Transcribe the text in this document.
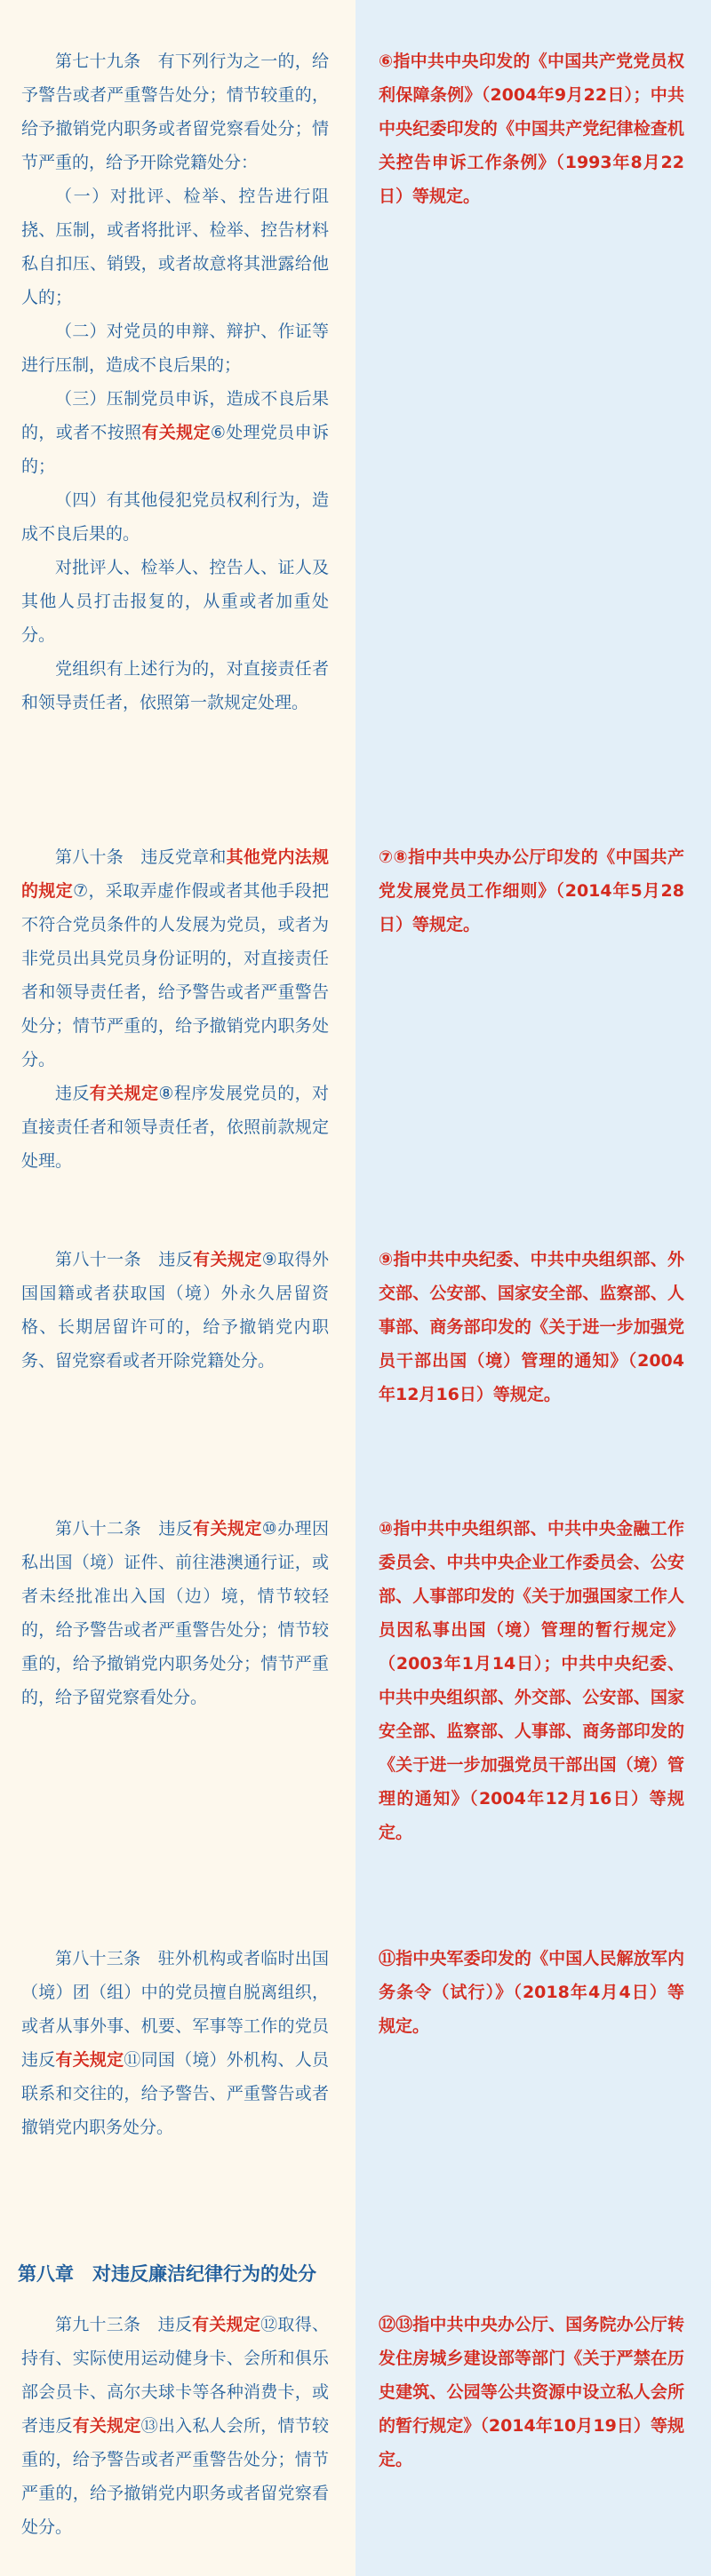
第七十九条　有下列行为之一的，给予警告或者严重警告处分；情节较重的，给予撤销党内职务或者留党察看处分；情节严重的，给予开除党籍处分：

（一）对批评、检举、控告进行阻挠、压制，或者将批评、检举、控告材料私自扣压、销毁，或者故意将其泄露给他人的；

（二）对党员的申辩、辩护、作证等进行压制，造成不良后果的；

（三）压制党员申诉，造成不良后果的，或者不按照有关规定⑥处理党员申诉的；

（四）有其他侵犯党员权利行为，造成不良后果的。

对批评人、检举人、控告人、证人及其他人员打击报复的，从重或者加重处分。

党组织有上述行为的，对直接责任者和领导责任者，依照第一款规定处理。

⑥指中共中央印发的《中国共产党党员权利保障条例》（2004年9月22日）；中共中央纪委印发的《中国共产党纪律检查机关控告申诉工作条例》（1993年8月22日）等规定。

第八十条　违反党章和其他党内法规的规定⑦，采取弄虚作假或者其他手段把不符合党员条件的人发展为党员，或者为非党员出具党员身份证明的，对直接责任者和领导责任者，给予警告或者严重警告处分；情节严重的，给予撤销党内职务处分。

违反有关规定⑧程序发展党员的，对直接责任者和领导责任者，依照前款规定处理。

⑦⑧指中共中央办公厅印发的《中国共产党发展党员工作细则》（2014年5月28日）等规定。

第八十一条　违反有关规定⑨取得外国国籍或者获取国（境）外永久居留资格、长期居留许可的，给予撤销党内职务、留党察看或者开除党籍处分。

⑨指中共中央纪委、中共中央组织部、外交部、公安部、国家安全部、监察部、人事部、商务部印发的《关于进一步加强党员干部出国（境）管理的通知》（2004年12月16日）等规定。

第八十二条　违反有关规定⑩办理因私出国（境）证件、前往港澳通行证，或者未经批准出入国（边）境，情节较轻的，给予警告或者严重警告处分；情节较重的，给予撤销党内职务处分；情节严重的，给予留党察看处分。

⑩指中共中央组织部、中共中央金融工作委员会、中共中央企业工作委员会、公安部、人事部印发的《关于加强国家工作人员因私事出国（境）管理的暂行规定》（2003年1月14日）；中共中央纪委、中共中央组织部、外交部、公安部、国家安全部、监察部、人事部、商务部印发的《关于进一步加强党员干部出国（境）管理的通知》（2004年12月16日）等规定。

第八十三条　驻外机构或者临时出国（境）团（组）中的党员擅自脱离组织，或者从事外事、机要、军事等工作的党员违反有关规定⑪同国（境）外机构、人员联系和交往的，给予警告、严重警告或者撤销党内职务处分。

⑪指中央军委印发的《中国人民解放军内务条令（试行）》（2018年4月4日）等规定。

第八章　对违反廉洁纪律行为的处分

第九十三条　违反有关规定⑫取得、持有、实际使用运动健身卡、会所和俱乐部会员卡、高尔夫球卡等各种消费卡，或者违反有关规定⑬出入私人会所，情节较重的，给予警告或者严重警告处分；情节严重的，给予撤销党内职务或者留党察看处分。

⑫⑬指中共中央办公厅、国务院办公厅转发住房城乡建设部等部门《关于严禁在历史建筑、公园等公共资源中设立私人会所的暂行规定》（2014年10月19日）等规定。
